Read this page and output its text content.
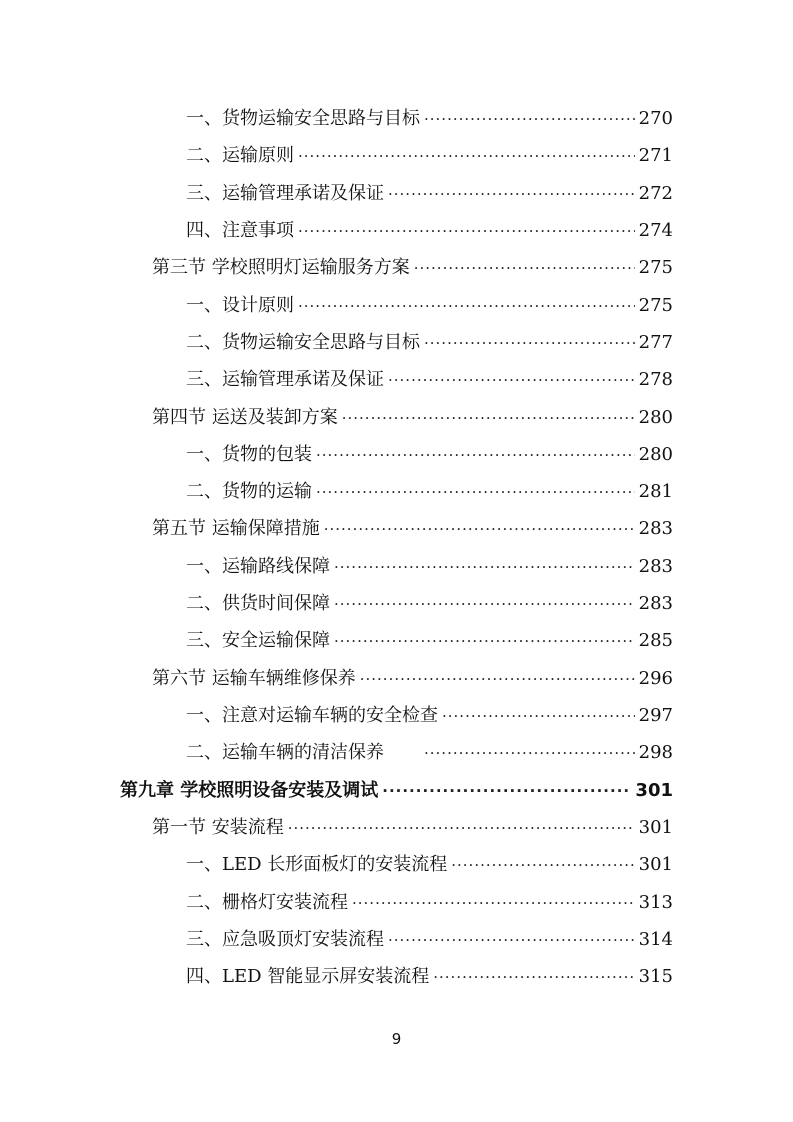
一、货物运输安全思路与目标 ·····	270
二、运输原则 ·····	271
三、运输管理承诺及保证 ·····	272
四、注意事项 ·····	274
第三节 学校照明灯运输服务方案 ·····	275
一、设计原则 ·····	275
二、货物运输安全思路与目标 ·····	277
三、运输管理承诺及保证 ·····	278
第四节 运送及装卸方案 ·····	280
一、货物的包装 ·····	280
二、货物的运输 ·····	281
第五节 运输保障措施 ·····	283
一、运输路线保障 ·····	283
二、供货时间保障 ·····	283
三、安全运输保障 ·····	285
第六节 运输车辆维修保养 ·····	296
一、注意对运输车辆的安全检查 ·····	297
二、运输车辆的清洁保养 ·····	298
第九章 学校照明设备安装及调试 ·····	301
第一节 安装流程 ·····	301
一、LED 长形面板灯的安装流程 ·····	301
二、栅格灯安装流程 ·····	313
三、应急吸顶灯安装流程 ·····	314
四、LED 智能显示屏安装流程 ·····	315
9
